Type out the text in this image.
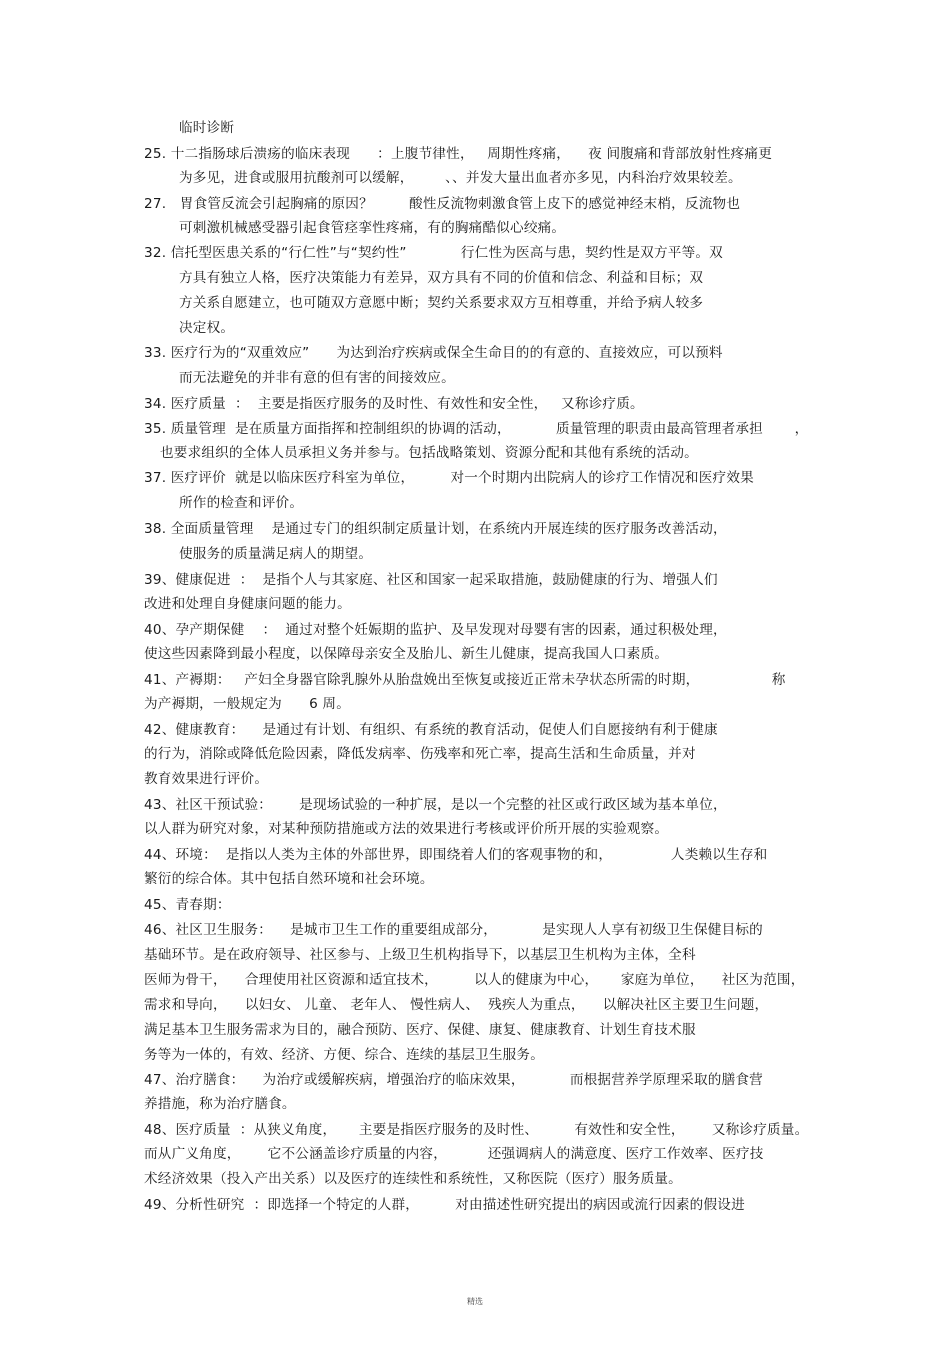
临时诊断
25. 十二指肠球后溃疡的临床表现      ：上腹节律性，   周期性疼痛，    夜 间腹痛和背部放射性疼痛更
为多见，进食或服用抗酸剂可以缓解，       、、并发大量出血者亦多见，内科治疗效果较差。
27.   胃食管反流会引起胸痛的原因？        酸性反流物刺激食管上皮下的感觉神经末梢，反流物也
可刺激机械感受器引起食管痉挛性疼痛，有的胸痛酷似心绞痛。
32. 信托型医患关系的“行仁性”与“契约性”            行仁性为医高与患，契约性是双方平等。双
方具有独立人格，医疗决策能力有差异，双方具有不同的价值和信念、利益和目标；双
方关系自愿建立，也可随双方意愿中断；契约关系要求双方互相尊重，并给予病人较多
决定权。
33. 医疗行为的“双重效应”      为达到治疗疾病或保全生命目的的有意的、直接效应，可以预料
而无法避免的并非有意的但有害的间接效应。
34. 医疗质量  ：  主要是指医疗服务的及时性、有效性和安全性，   又称诊疗质。
35. 质量管理  是在质量方面指挥和控制组织的协调的活动，          质量管理的职责由最高管理者承担       ，
也要求组织的全体人员承担义务并参与。包括战略策划、资源分配和其他有系统的活动。
37. 医疗评价  就是以临床医疗科室为单位，        对一个时期内出院病人的诊疗工作情况和医疗效果
所作的检查和评价。
38. 全面质量管理    是通过专门的组织制定质量计划，在系统内开展连续的医疗服务改善活动，
使服务的质量满足病人的期望。
39、健康促进  ：  是指个人与其家庭、社区和国家一起采取措施，鼓励健康的行为、增强人们
改进和处理自身健康问题的能力。
40、孕产期保健    ：  通过对整个妊娠期的监护、及早发现对母婴有害的因素，通过积极处理，
使这些因素降到最小程度，以保障母亲安全及胎儿、新生儿健康，提高我国人口素质。
41、产褥期：   产妇全身器官除乳腺外从胎盘娩出至恢复或接近正常未孕状态所需的时期，                称
为产褥期，一般规定为      6 周。
42、健康教育：    是通过有计划、有组织、有系统的教育活动，促使人们自愿接纳有利于健康
的行为，消除或降低危险因素，降低发病率、伤残率和死亡率，提高生活和生命质量，并对
教育效果进行评价。
43、社区干预试验：      是现场试验的一种扩展，是以一个完整的社区或行政区域为基本单位，
以人群为研究对象，对某种预防措施或方法的效果进行考核或评价所开展的实验观察。
44、环境：  是指以人类为主体的外部世界，即围绕着人们的客观事物的和，             人类赖以生存和
繁衍的综合体。其中包括自然环境和社会环境。
45、青春期：
46、社区卫生服务：    是城市卫生工作的重要组成部分，          是实现人人享有初级卫生保健目标的
基础环节。是在政府领导、社区参与、上级卫生机构指导下，以基层卫生机构为主体，全科
医师为骨干，    合理使用社区资源和适宜技术，        以人的健康为中心，     家庭为单位，    社区为范围，
需求和导向，    以妇女、 儿童、 老年人、 慢性病人、  残疾人为重点，    以解决社区主要卫生问题，
满足基本卫生服务需求为目的，融合预防、医疗、保健、康复、健康教育、计划生育技术服
务等为一体的，有效、经济、方便、综合、连续的基层卫生服务。
47、治疗膳食：    为治疗或缓解疾病，增强治疗的临床效果，          而根据营养学原理采取的膳食营
养措施，称为治疗膳食。
48、医疗质量  ：从狭义角度，     主要是指医疗服务的及时性、        有效性和安全性，      又称诊疗质量。
而从广义角度，      它不公涵盖诊疗质量的内容，         还强调病人的满意度、医疗工作效率、医疗技
术经济效果（投入产出关系）以及医疗的连续性和系统性，又称医院（医疗）服务质量。
49、分析性研究  ：即选择一个特定的人群，        对由描述性研究提出的病因或流行因素的假设进
精选
